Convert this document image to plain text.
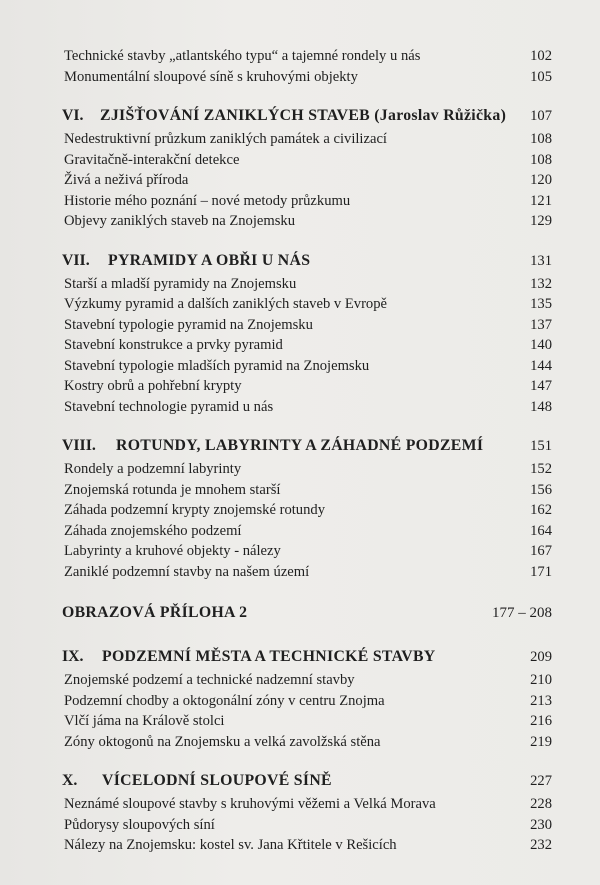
Technické stavby „atlantského typu“ a tajemné rondely u nás	102
Monumentální sloupové síně s kruhovými objekty	105
VI.	ZJIŠŤOVÁNÍ ZANIKLÝCH STAVEB (Jaroslav Růžička)	107
Nedestruktivní průzkum zaniklých památek a civilizací	108
Gravitačně-interakční detekce	108
Živá a neživá příroda	120
Historie mého poznání – nové metody průzkumu	121
Objevy zaniklých staveb na Znojemsku	129
VII.	PYRAMIDY A OBŘI U NÁS	131
Starší a mladší pyramidy na Znojemsku	132
Výzkumy pyramid a dalších zaniklých staveb v Evropě	135
Stavební typologie pyramid na Znojemsku	137
Stavební konstrukce a prvky pyramid	140
Stavební typologie mladších pyramid na Znojemsku	144
Kostry obrů a pohřební krypty	147
Stavební technologie pyramid u nás	148
VIII.	ROTUNDY, LABYRINTY A ZÁHADNÉ PODZEMÍ	151
Rondely a podzemní labyrinty	152
Znojemská rotunda je mnohem starší	156
Záhada podzemní krypty znojemské rotundy	162
Záhada znojemského podzemí	164
Labyrinty a kruhové objekty - nálezy	167
Zaniklé podzemní stavby na našem území	171
OBRAZOVÁ PŘÍLOHA 2	177 – 208
IX.	PODZEMNÍ MĚSTA A TECHNICKÉ STAVBY	209
Znojemské podzemí a technické nadzemní stavby	210
Podzemní chodby a oktogonální zóny v centru Znojma	213
Vlčí jáma na Králově stolci	216
Zóny oktogonů na Znojemsku a velká zavolžská stěna	219
X.	VÍCELODNÍ SLOUPOVÉ SÍNĚ	227
Neznámé sloupové stavby s kruhovými věžemi a Velká Morava	228
Půdorysy sloupových síní	230
Nálezy na Znojemsku: kostel sv. Jana Křtitele v Rešicích	232
